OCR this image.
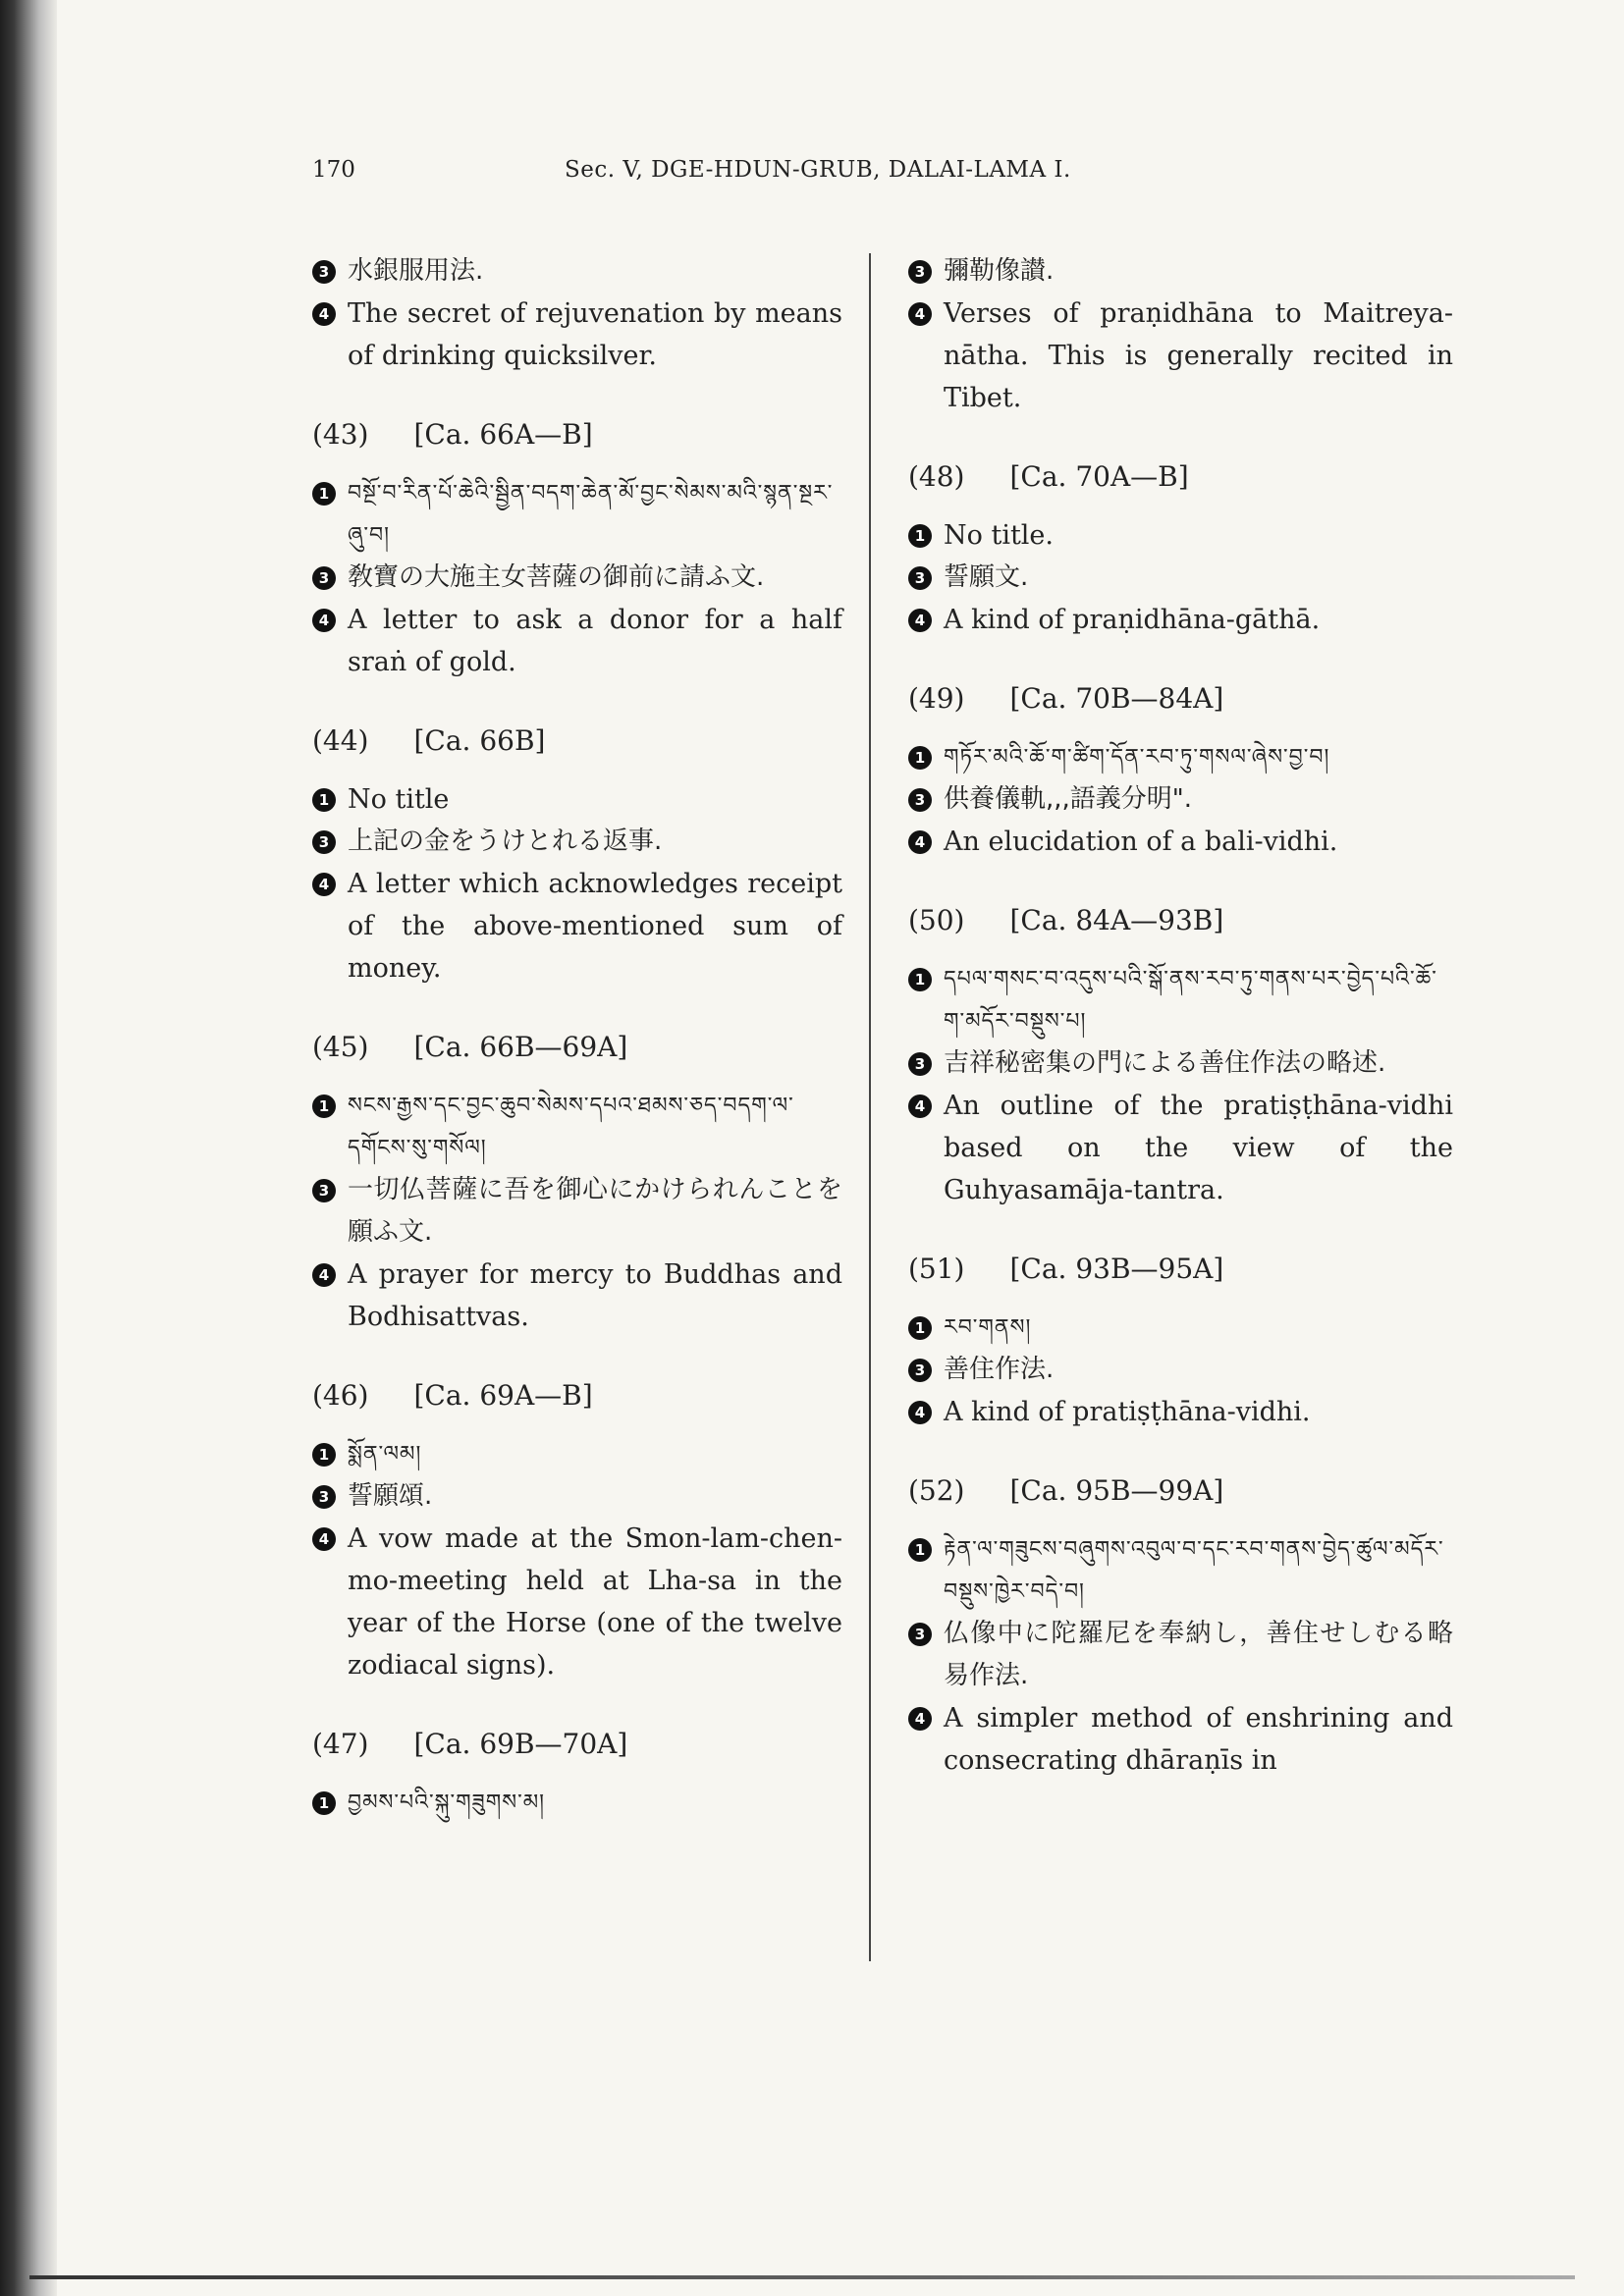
170	Sec. V, DGE-HDUN-GRUB, DALAI-LAMA I.
3 水銀服用法.
4 The secret of rejuvenation by means of drinking quicksilver.
(43) [Ca. 66A—B]
1 བསྔོ་བ་རིན་པོ་ཆེའི་སྦྱིན་བདག་ཆེན་མོ་བྱང་སེམས་མའི་སྙན་སྔར་ཞུ་བ།
3 敎寶の大施主女菩薩の御前に請ふ文.
4 A letter to ask a donor for a half sraṅ of gold.
(44) [Ca. 66B]
1 No title
3 上記の金をうけとれる返事.
4 A letter which acknowledges receipt of the above-mentioned sum of money.
(45) [Ca. 66B—69A]
1 སངས་རྒྱས་དང་བྱང་ཆུབ་སེམས་དཔའ་ཐམས་ཅད་བདག་ལ་དགོངས་སུ་གསོལ།
3 一切仏菩薩に吾を御心にかけられんことを願ふ文.
4 A prayer for mercy to Buddhas and Bodhisattvas.
(46) [Ca. 69A—B]
1 སྨོན་ལམ།
3 誓願頌.
4 A vow made at the Smon-lam-chen-mo-meeting held at Lha-sa in the year of the Horse (one of the twelve zodiacal signs).
(47) [Ca. 69B—70A]
1 བྱམས་པའི་སྐུ་གཟུགས་མ།
3 彌勒像讃.
4 Verses of praṇidhāna to Maitreya-nātha. This is generally recited in Tibet.
(48) [Ca. 70A—B]
1 No title.
3 誓願文.
4 A kind of praṇidhāna-gāthā.
(49) [Ca. 70B—84A]
1 གཏོར་མའི་ཆོ་ག་ཚིག་དོན་རབ་ཏུ་གསལ་ཞེས་བྱ་བ།
3 供養儀軌,,,語義分明".
4 An elucidation of a bali-vidhi.
(50) [Ca. 84A—93B]
1 དཔལ་གསང་བ་འདུས་པའི་སྒོ་ནས་རབ་ཏུ་གནས་པར་བྱེད་པའི་ཆོ་ག་མདོར་བསྡུས་པ།
3 吉祥秘密集の門による善住作法の略述.
4 An outline of the pratiṣṭhāna-vidhi based on the view of the Guhyasamāja-tantra.
(51) [Ca. 93B—95A]
1 རབ་གནས།
3 善住作法.
4 A kind of pratiṣṭhāna-vidhi.
(52) [Ca. 95B—99A]
1 རྟེན་ལ་གཟུངས་བཞུགས་འབུལ་བ་དང་རབ་གནས་བྱེད་ཚུལ་མདོར་བསྡུས་ཁྱེར་བདེ་བ།
3 仏像中に陀羅尼を奉納し，善住せしむる略易作法.
4 A simpler method of enshrining and consecrating dhāraṇīs in
